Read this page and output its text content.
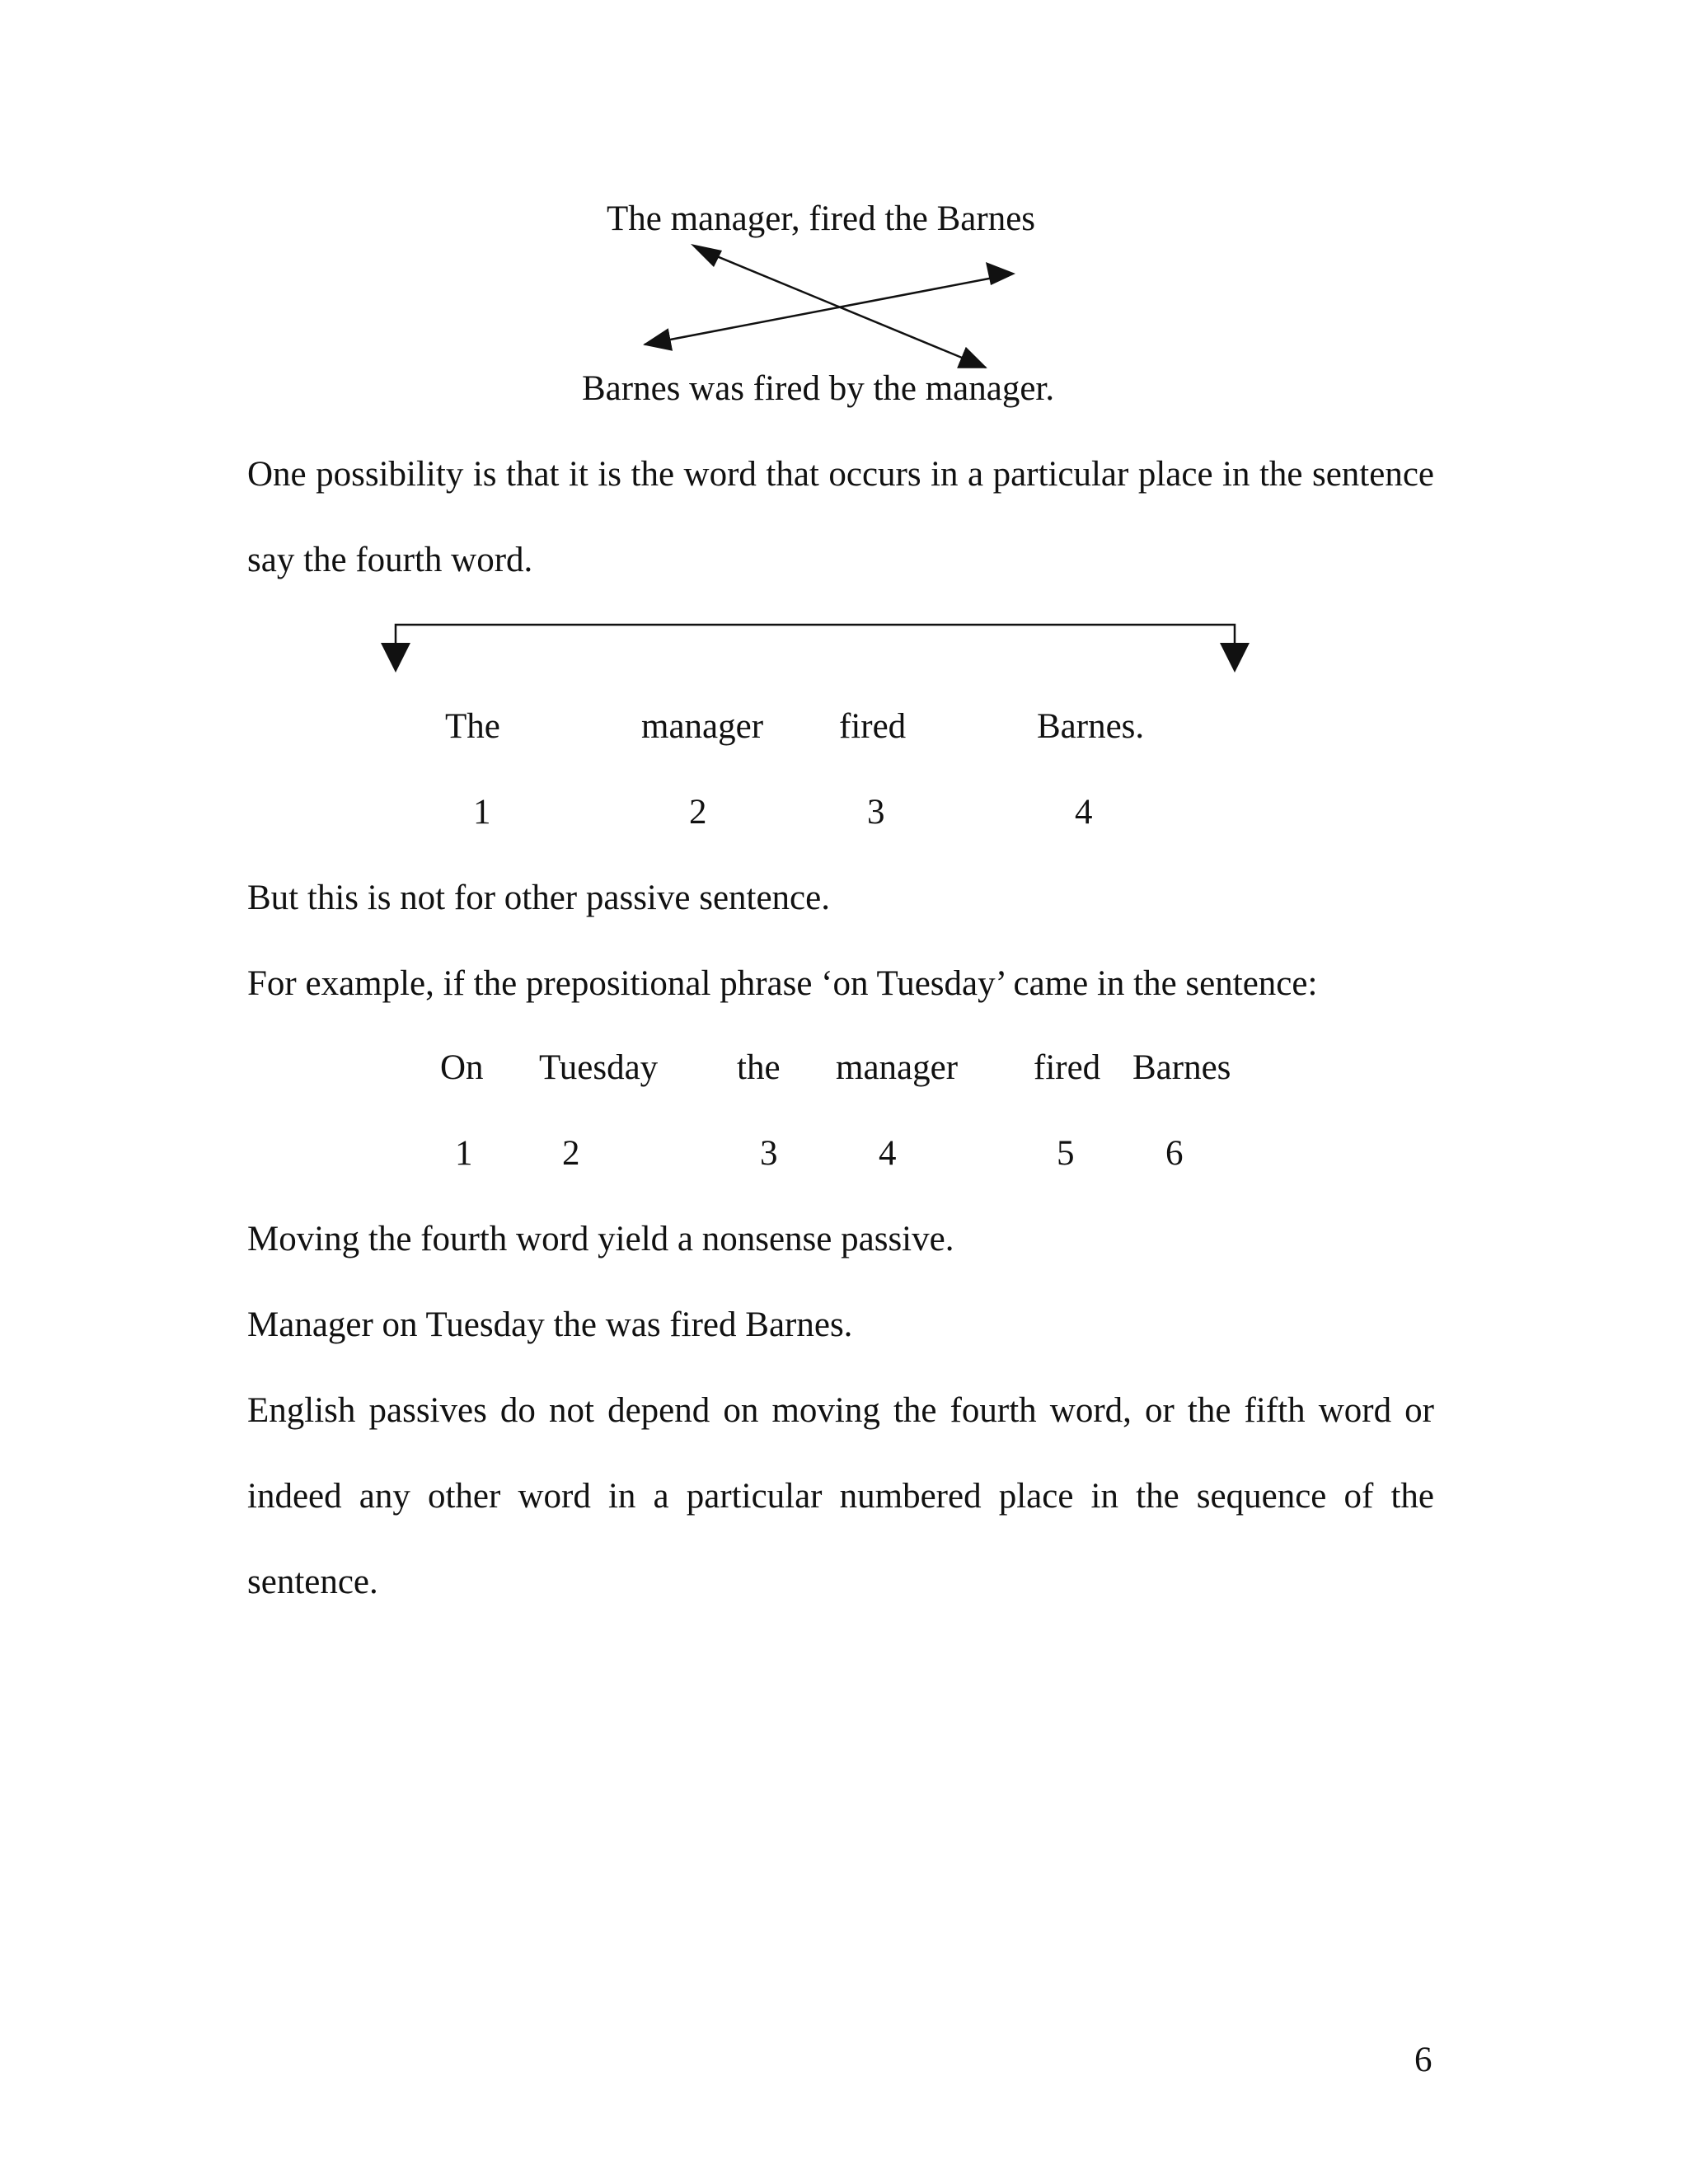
The manager, fired the Barnes
Barnes was fired by the manager.
One possibility is that it is the word that occurs in a particular place in the sentence say the fourth word.
The	manager fired	Barnes.
1	2	3	4
But this is not for other passive sentence.
For example, if the prepositional phrase ‘on Tuesday’ came in the sentence:
On Tuesday the manager fired Barnes
1	2	3	4	5	6
Moving the fourth word yield a nonsense passive.
Manager on Tuesday the was fired Barnes.
English passives do not depend on moving the fourth word, or the fifth word or indeed any other word in a particular numbered place in the sequence of the sentence.
6
